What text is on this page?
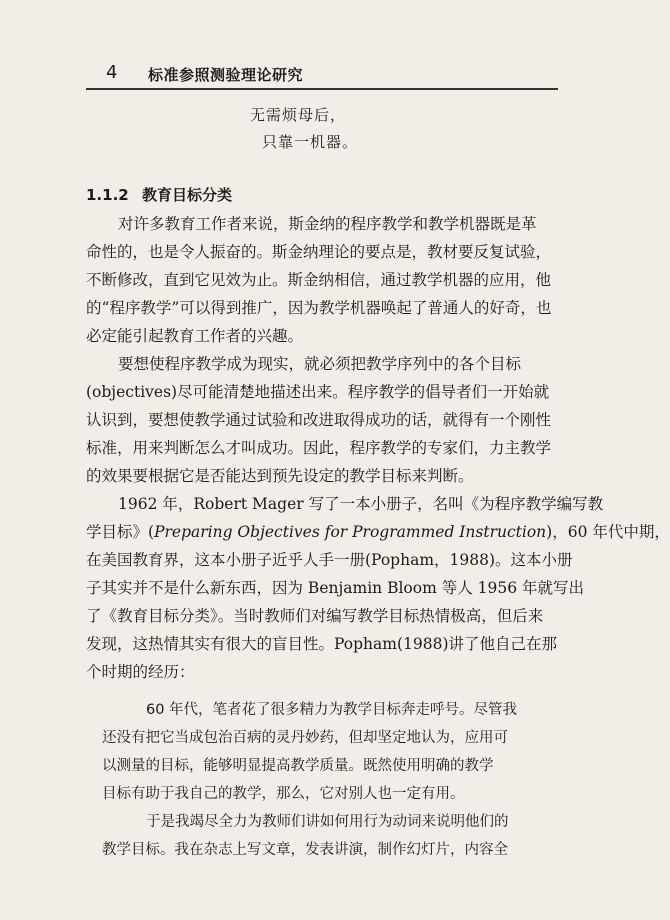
4 标准参照测验理论研究
无需烦母后，
只靠一机器。
1.1.2 教育目标分类
对许多教育工作者来说，斯金纳的程序教学和教学机器既是革
命性的，也是令人振奋的。斯金纳理论的要点是，教材要反复试验，
不断修改，直到它见效为止。斯金纳相信，通过教学机器的应用，他
的“程序教学”可以得到推广，因为教学机器唤起了普通人的好奇，也
必定能引起教育工作者的兴趣。
要想使程序教学成为现实，就必须把教学序列中的各个目标
(objectives)尽可能清楚地描述出来。程序教学的倡导者们一开始就
认识到，要想使教学通过试验和改进取得成功的话，就得有一个刚性
标准，用来判断怎么才叫成功。因此，程序教学的专家们，力主教学
的效果要根据它是否能达到预先设定的教学目标来判断。
1962 年，Robert Mager 写了一本小册子，名叫《为程序教学编写教
学目标》(Preparing Objectives for Programmed Instruction)，60 年代中期，
在美国教育界，这本小册子近乎人手一册(Popham，1988)。这本小册
子其实并不是什么新东西，因为 Benjamin Bloom 等人 1956 年就写出
了《教育目标分类》。当时教师们对编写教学目标热情极高，但后来
发现，这热情其实有很大的盲目性。Popham(1988)讲了他自己在那
个时期的经历：
60 年代，笔者花了很多精力为教学目标奔走呼号。尽管我
还没有把它当成包治百病的灵丹妙药，但却坚定地认为，应用可
以测量的目标，能够明显提高教学质量。既然使用明确的教学
目标有助于我自己的教学，那么，它对别人也一定有用。
于是我竭尽全力为教师们讲如何用行为动词来说明他们的
教学目标。我在杂志上写文章，发表讲演，制作幻灯片，内容全
